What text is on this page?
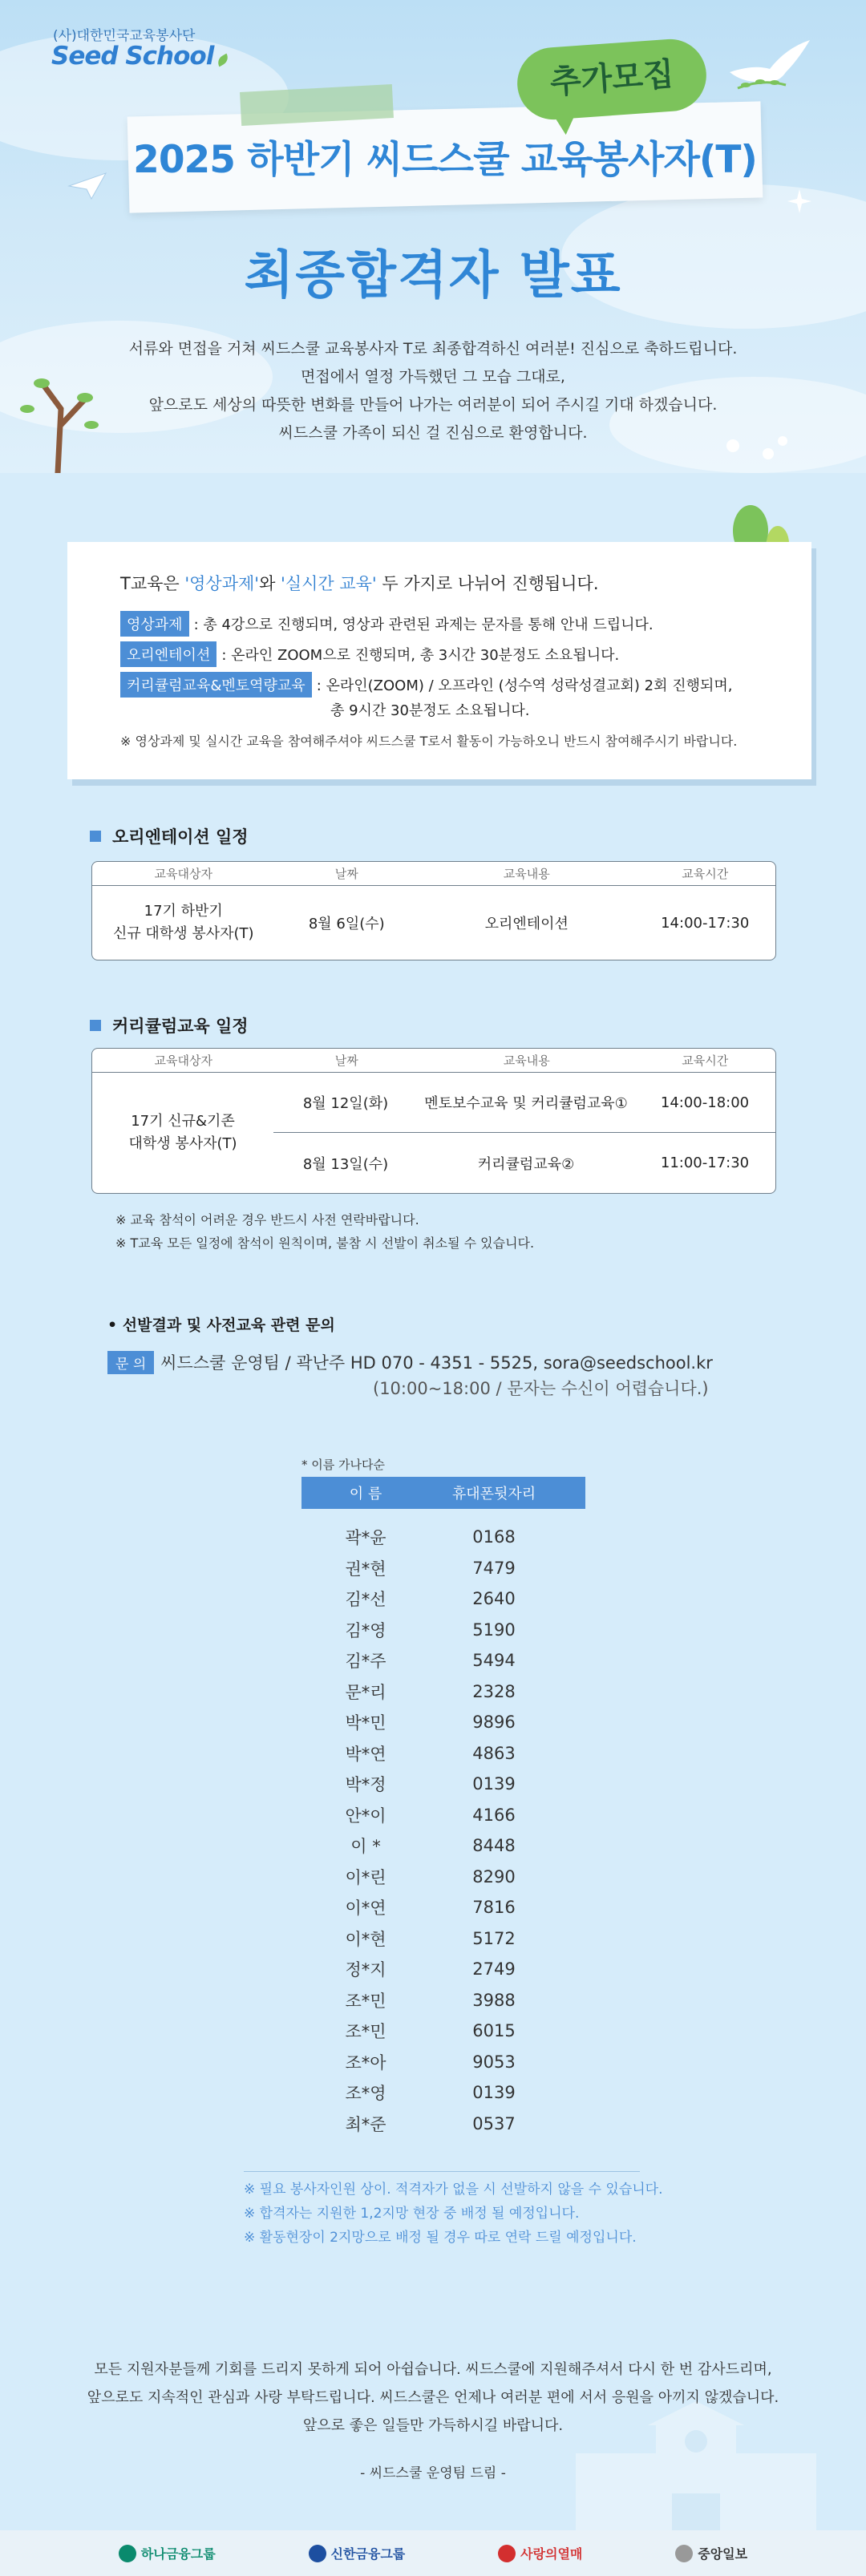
(사)대한민국교육봉사단
Seed School
2025 하반기 씨드스쿨 교육봉사자(T)
추가모집
최종합격자 발표
서류와 면접을 거쳐 씨드스쿨 교육봉사자 T로 최종합격하신 여러분! 진심으로 축하드립니다.
면접에서 열정 가득했던 그 모습 그대로,
앞으로도 세상의 따뜻한 변화를 만들어 나가는 여러분이 되어 주시길 기대 하겠습니다.
씨드스쿨 가족이 되신 걸 진심으로 환영합니다.
T교육은 '영상과제'와 '실시간 교육' 두 가지로 나뉘어 진행됩니다.
영상과제 : 총 4강으로 진행되며, 영상과 관련된 과제는 문자를 통해 안내 드립니다.
오리엔테이션 : 온라인 ZOOM으로 진행되며, 총 3시간 30분정도 소요됩니다.
커리큘럼교육&멘토역량교육 : 온라인(ZOOM) / 오프라인 (성수역 성락성결교회) 2회 진행되며,
총 9시간 30분정도 소요됩니다.
※ 영상과제 및 실시간 교육을 참여해주셔야 씨드스쿨 T로서 활동이 가능하오니 반드시 참여해주시기 바랍니다.
오리엔테이션 일정
교육대상자	날짜	교육내용	교육시간
17기 하반기
신규 대학생 봉사자(T)
8월 6일(수)	오리엔테이션	14:00-17:30
커리큘럼교육 일정
교육대상자	날짜	교육내용	교육시간
17기 신규&기존
대학생 봉사자(T)
8월 12일(화)	멘토보수교육 및 커리큘럼교육①	14:00-18:00
8월 13일(수)	커리큘럼교육②	11:00-17:30
※ 교육 참석이 어려운 경우 반드시 사전 연락바랍니다.
※ T교육 모든 일정에 참석이 원칙이며, 불참 시 선발이 취소될 수 있습니다.
• 선발결과 및 사전교육 관련 문의
문 의 씨드스쿨 운영팀 / 곽난주 HD 070 - 4351 - 5525, sora@seedschool.kr
(10:00~18:00 / 문자는 수신이 어렵습니다.)
* 이름 가나다순
이 름	휴대폰뒷자리
곽*윤	0168
권*현	7479
김*선	2640
김*영	5190
김*주	5494
문*리	2328
박*민	9896
박*연	4863
박*정	0139
안*이	4166
이 *	8448
이*린	8290
이*연	7816
이*현	5172
정*지	2749
조*민	3988
조*민	6015
조*아	9053
조*영	0139
최*준	0537
※ 필요 봉사자인원 상이. 적격자가 없을 시 선발하지 않을 수 있습니다.
※ 합격자는 지원한 1,2지망 현장 중 배정 될 예정입니다.
※ 활동현장이 2지망으로 배정 될 경우 따로 연락 드릴 예정입니다.
모든 지원자분들께 기회를 드리지 못하게 되어 아쉽습니다. 씨드스쿨에 지원해주셔서 다시 한 번 감사드리며,
앞으로도 지속적인 관심과 사랑 부탁드립니다. 씨드스쿨은 언제나 여러분 편에 서서 응원을 아끼지 않겠습니다.
앞으로 좋은 일들만 가득하시길 바랍니다.
- 씨드스쿨 운영팀 드림 -
하나금융그룹	신한금융그룹	사랑의열매	중앙일보
